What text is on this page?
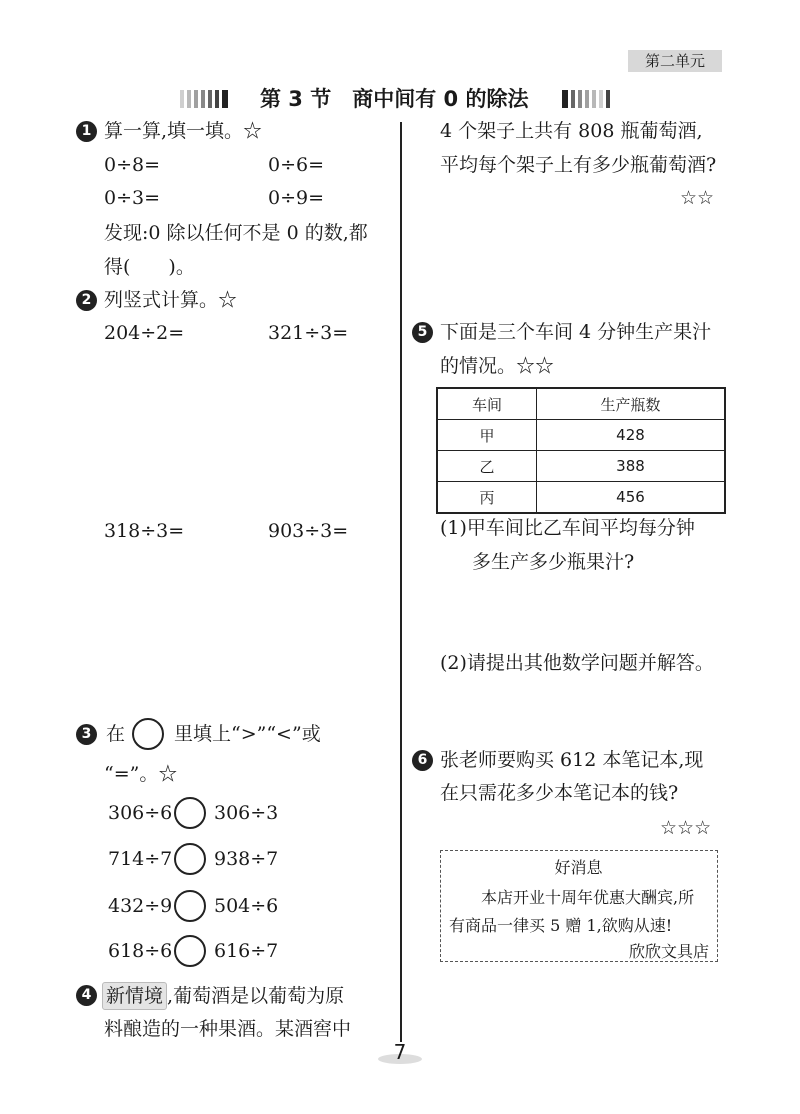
第二单元
第 3 节　 商中间有 0 的除法
1 算一算,填一填。☆
0÷8=	0÷6=
0÷3=	0÷9=
发现:0 除以任何不是 0 的数,都
得(　　)。
2 列竖式计算。☆
204÷2=	321÷3=
318÷3=	903÷3=
3 在	里填上“>”“<”或
“=”。☆
306÷6 306÷3
714÷7 938÷7
432÷9 504÷6
618÷6 616÷7
4 新情境 ,葡萄酒是以葡萄为原
料酿造的一种果酒。某酒窖中
4 个架子上共有 808 瓶葡萄酒,
平均每个架子上有多少瓶葡萄酒?
☆☆
5 下面是三个车间 4 分钟生产果汁
的情况。☆☆
车间	生产瓶数
甲	428
乙	388
丙	456
(1)甲车间比乙车间平均每分钟
多生产多少瓶果汁?
(2)请提出其他数学问题并解答。
6 张老师要购买 612 本笔记本,现
在只需花多少本笔记本的钱?
☆☆☆
好消息
本店开业十周年优惠大酬宾,所
有商品一律买 5 赠 1,欲购从速!
欣欣文具店
7
